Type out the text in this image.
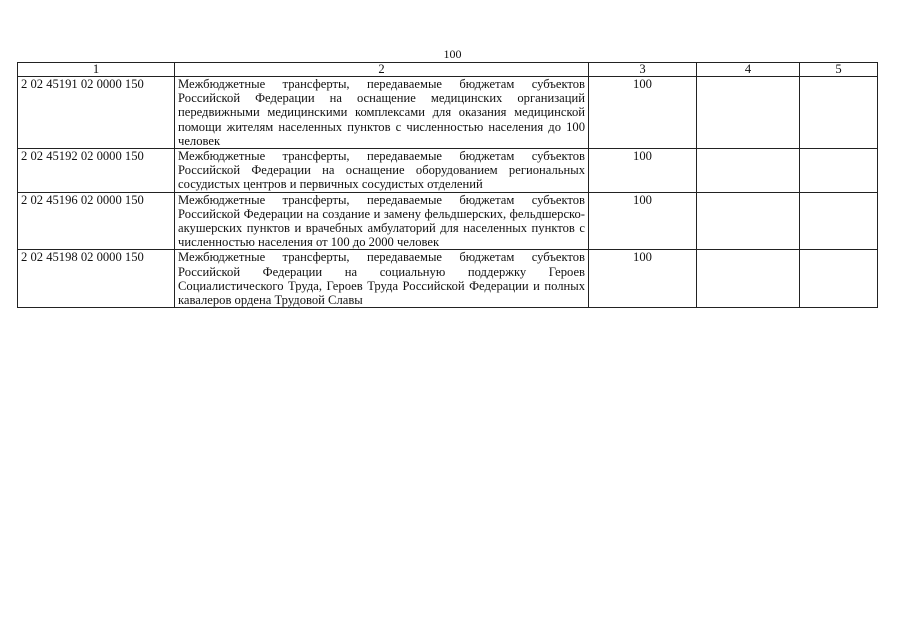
100
1	2	3	4	5
2 02 45191 02 0000 150	Межбюджетные трансферты, передаваемые бюджетам субъектов Российской Федерации на оснащение медицинских организаций передвижными медицинскими комплексами для оказания медицинской помощи жителям населенных пунктов с численностью населения до 100 человек	100		
2 02 45192 02 0000 150	Межбюджетные трансферты, передаваемые бюджетам субъектов Российской Федерации на оснащение оборудованием региональных сосудистых центров и первичных сосудистых отделений	100		
2 02 45196 02 0000 150	Межбюджетные трансферты, передаваемые бюджетам субъектов Российской Федерации на создание и замену фельдшерских, фельдшерско-акушерских пунктов и врачебных амбулаторий для населенных пунктов с численностью населения от 100 до 2000 человек	100		
2 02 45198 02 0000 150	Межбюджетные трансферты, передаваемые бюджетам субъектов Российской Федерации на социальную поддержку Героев Социалистического Труда, Героев Труда Российской Федерации и полных кавалеров ордена Трудовой Славы	100		
